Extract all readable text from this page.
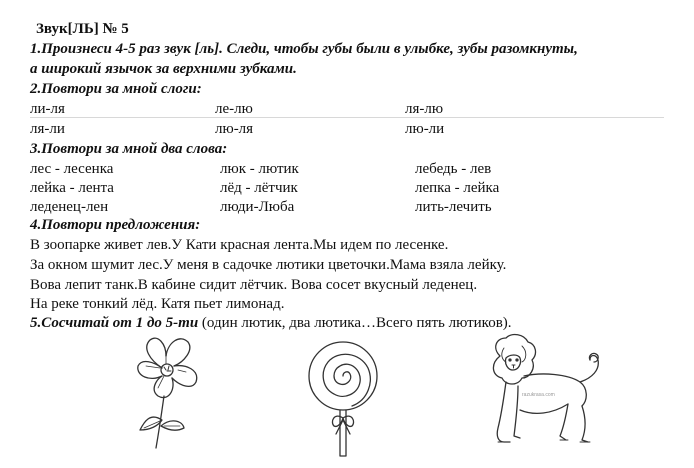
Звук[ЛЬ] № 5
1.Произнеси 4-5 раз звук [ль]. Следи, чтобы губы были в улыбке, зубы разомкнуты,
а широкий язычок за верхними зубками.
2.Повтори за мной слоги:
ли-ля	ле-лю	ля-лю
ля-ли	лю-ля	лю-ли
3.Повтори за мной два слова:
лес - лесенка	люк - лютик	лебедь - лев
лейка - лента	лёд - лётчик	лепка - лейка
леденец-лен	люди-Люба	лить-лечить
4.Повтори предложения:
В зоопарке живет лев.У Кати красная лента.Мы идем по лесенке.
За окном шумит лес.У меня в садочке лютики цветочки.Мама взяла лейку.
Вова лепит танк.В кабине сидит лётчик. Вова сосет вкусный леденец.
На реке тонкий лёд. Катя пьет лимонад.
5.Сосчитай от 1 до 5-ти (один лютик, два лютика…Всего пять лютиков).
razukrasa.com
